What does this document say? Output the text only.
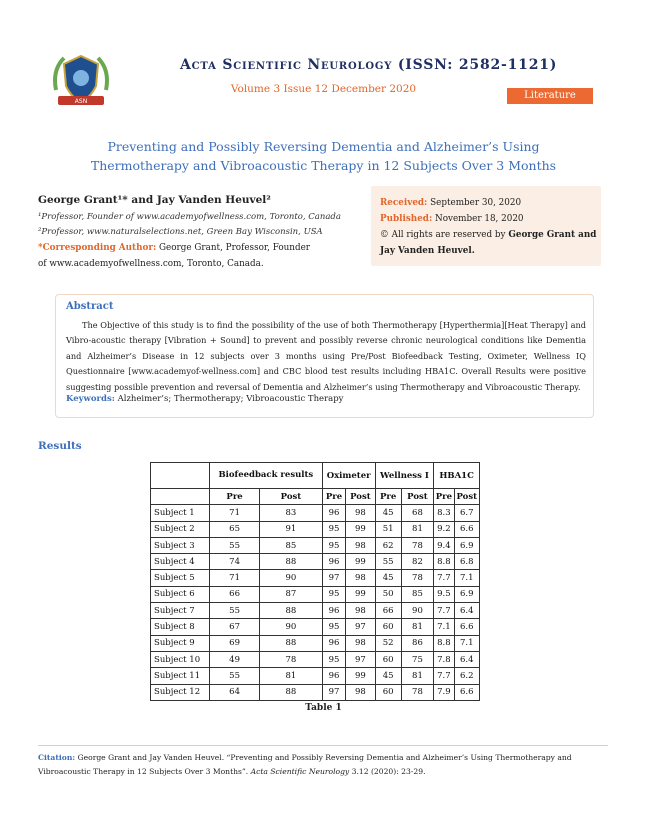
ASN
Acta Scientific Neurology (ISSN: 2582-1121)
Volume 3 Issue 12 December 2020
Literature Review
Preventing and Possibly Reversing Dementia and Alzheimer’s Using Thermotherapy and Vibroacoustic Therapy in 12 Subjects Over 3 Months
George Grant¹* and Jay Vanden Heuvel²
¹Professor, Founder of www.academyofwellness.com, Toronto, Canada
²Professor, www.naturalselections.net, Green Bay Wisconsin, USA
*Corresponding Author: George Grant, Professor, Founder of www.academyofwellness.com, Toronto, Canada.
Received: September 30, 2020
Published: November 18, 2020
© All rights are reserved by George Grant and Jay Vanden Heuvel.
Abstract
The Objective of this study is to find the possibility of the use of both Thermotherapy [Hyperthermia][Heat Therapy] and Vibro-acoustic therapy [Vibration + Sound] to prevent and possibly reverse chronic neurological conditions like Dementia and Alzheimer’s Disease in 12 subjects over 3 months using Pre/Post Biofeedback Testing, Oximeter, Wellness IQ Questionnaire [www.academyof-wellness.com] and CBC blood test results including HBA1C. Overall Results were positive suggesting possible prevention and reversal of Dementia and Alzheimer’s using Thermotherapy and Vibroacoustic Therapy.
Keywords: Alzheimer’s; Thermotherapy; Vibroacoustic Therapy
Results
	Biofeedback results		Oximeter		Wellness I		HBA1C	
	Pre	Post	Pre	Post	Pre	Post	Pre	Post
Subject 1	71	83	96	98	45	68	8.3	6.7
Subject 2	65	91	95	99	51	81	9.2	6.6
Subject 3	55	85	95	98	62	78	9.4	6.9
Subject 4	74	88	96	99	55	82	8.8	6.8
Subject 5	71	90	97	98	45	78	7.7	7.1
Subject 6	66	87	95	99	50	85	9.5	6.9
Subject 7	55	88	96	98	66	90	7.7	6.4
Subject 8	67	90	95	97	60	81	7.1	6.6
Subject 9	69	88	96	98	52	86	8.8	7.1
Subject 10	49	78	95	97	60	75	7.8	6.4
Subject 11	55	81	96	99	45	81	7.7	6.2
Subject 12	64	88	97	98	60	78	7.9	6.6
Table 1
Citation: George Grant and Jay Vanden Heuvel. “Preventing and Possibly Reversing Dementia and Alzheimer’s Using Thermotherapy and Vibroacoustic Therapy in 12 Subjects Over 3 Months”. Acta Scientific Neurology 3.12 (2020): 23-29.
